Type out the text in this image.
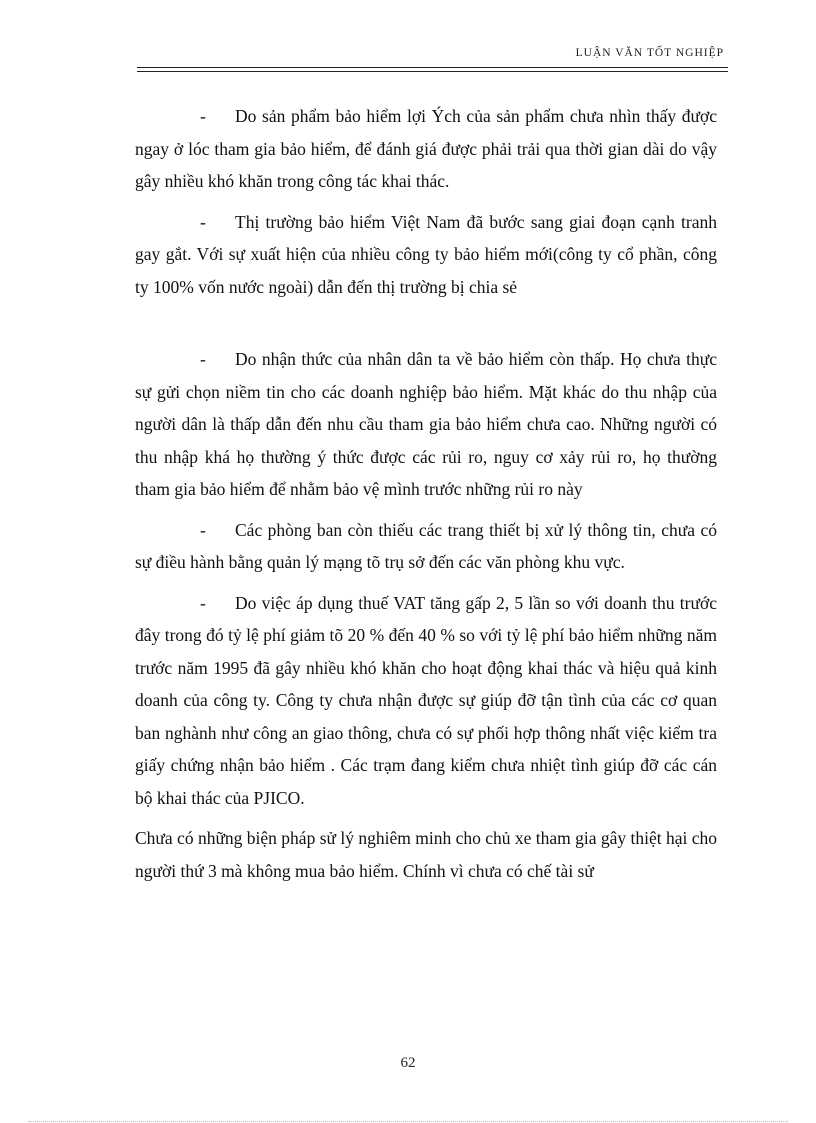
LUẬN VĂN TỐT NGHIỆP

- Do sản phẩm bảo hiểm lợi Ých của sản phẩm chưa nhìn thấy được ngay ở lóc tham gia bảo hiểm, để đánh giá được phải trải qua thời gian dài do vậy gây nhiều khó khăn trong công tác khai thác.

- Thị trường bảo hiểm Việt Nam đã bước sang giai đoạn cạnh tranh gay gắt. Với sự xuất hiện của nhiều công ty bảo hiểm mới(công ty cổ phần, công ty 100% vốn nước ngoài) dẫn đến thị trường bị chia sẻ

- Do nhận thức của nhân dân ta về bảo hiểm còn thấp. Họ chưa thực sự gửi chọn niềm tin cho các doanh nghiệp bảo hiểm. Mặt khác do thu nhập của người dân là thấp dẫn đến nhu cầu tham gia bảo hiểm chưa cao. Những người có thu nhập khá họ thường ý thức được các rủi ro, nguy cơ xảy rủi ro, họ thường tham gia bảo hiểm để nhằm bảo vệ mình trước những rủi ro này

- Các phòng ban còn thiếu các trang thiết bị xử lý thông tin, chưa có sự điều hành bằng quản lý mạng tõ trụ sở đến các văn phòng khu vực.

- Do việc áp dụng thuế VAT tăng gấp 2, 5 lần so với doanh thu trước đây trong đó tỷ lệ phí giảm tõ 20 % đến 40 % so với tỷ lệ phí bảo hiểm những năm trước năm 1995 đã gây nhiều khó khăn cho hoạt động khai thác và hiệu quả kinh doanh của công ty. Công ty chưa nhận được sự giúp đỡ tận tình của các cơ quan ban nghành như công an giao thông, chưa có sự phối hợp thông nhất việc kiểm tra giấy chứng nhận bảo hiểm . Các trạm đang kiểm chưa nhiệt tình giúp đỡ các cán bộ khai thác của PJICO.

Chưa có những biện pháp sử lý nghiêm minh cho chủ xe tham gia gây thiệt hại cho người thứ 3 mà không mua bảo hiểm. Chính vì chưa có chế tài sử

62
